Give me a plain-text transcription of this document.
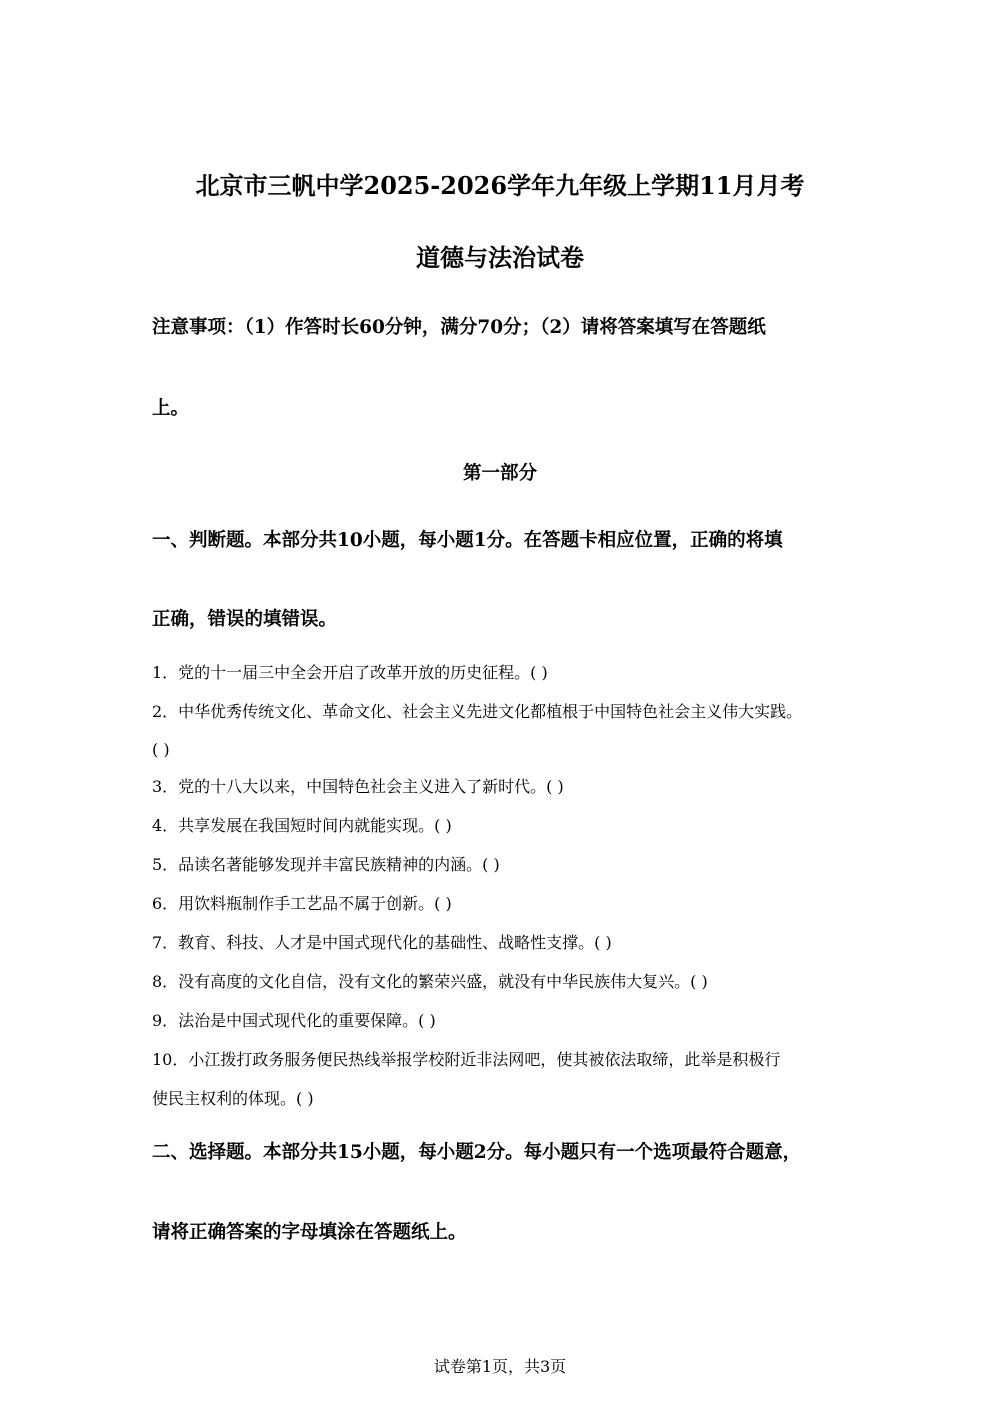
北京市三帆中学2025-2026学年九年级上学期11月月考
道德与法治试卷
注意事项：（1）作答时长60分钟，满分70分；（2）请将答案填写在答题纸
上。
第一部分
一、判断题。本部分共10小题，每小题1分。在答题卡相应位置，正确的将填
正确，错误的填错误。
1．党的十一届三中全会开启了改革开放的历史征程。( )
2．中华优秀传统文化、革命文化、社会主义先进文化都植根于中国特色社会主义伟大实践。
( )
3．党的十八大以来，中国特色社会主义进入了新时代。( )
4．共享发展在我国短时间内就能实现。( )
5．品读名著能够发现并丰富民族精神的内涵。( )
6．用饮料瓶制作手工艺品不属于创新。( )
7．教育、科技、人才是中国式现代化的基础性、战略性支撑。( )
8．没有高度的文化自信，没有文化的繁荣兴盛，就没有中华民族伟大复兴。( )
9．法治是中国式现代化的重要保障。( )
10．小江拨打政务服务便民热线举报学校附近非法网吧，使其被依法取缔，此举是积极行
使民主权利的体现。( )
二、选择题。本部分共15小题，每小题2分。每小题只有一个选项最符合题意，
请将正确答案的字母填涂在答题纸上。
试卷第1页，共3页
